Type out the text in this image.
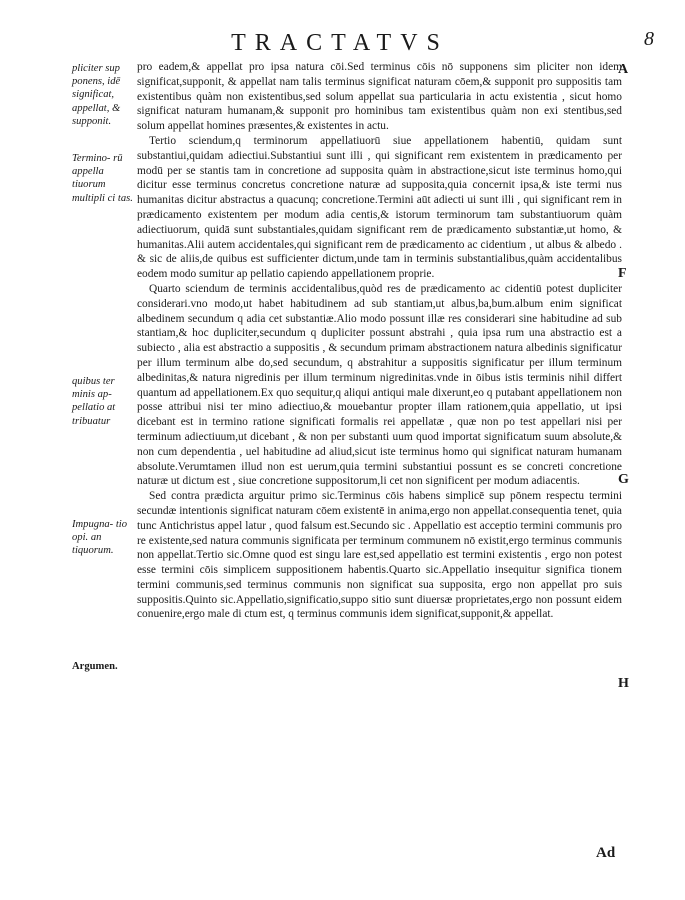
TRACTATVS	8
pliciter sup ponens, idē significat, appellat, & supponit.
Termino- rū appella tiuorum multipli ci tas.
quibus ter minis ap- pellatio at tribuatur
Impugna- tio opi. an tiquorum.
Argumen.
A
F
G
H

pro eadem,& appellat pro ipsa natura cōi.Sed terminus cōis nō supponens sim pliciter non idem significat,supponit, & appellat nam talis terminus significat naturam cōem,& supponit pro suppositis tam existentibus quàm non existentibus,sed solum appellat sua particularia in actu existentia , sicut homo significat naturam humanam,& supponit pro hominibus tam existentibus quàm non exi stentibus,sed solum appellat homines præsentes,& existentes in actu.

Tertio sciendum,q terminorum appellatiuorū siue appellationem habentiū, quidam sunt substantiui,quidam adiectiui.Substantiui sunt illi , qui significant rem existentem in prædicamento per modū per se stantis tam in concretione ad supposita quàm in abstractione,sicut iste terminus homo,qui dicitur esse terminus concretus concretione naturæ ad supposita,quia concernit ipsa,& iste termi nus humanitas dicitur abstractus a quacunq; concretione.Termini aūt adiecti ui sunt illi , qui significant rem in prædicamento existentem per modum adia centis,& istorum terminorum tam substantiuorum quàm adiectiuorum, quidā sunt substantiales,quidam significant rem de prædicamento substantiæ,ut homo, & humanitas.Alii autem accidentales,qui significant rem de prædicamento ac cidentium , ut albus & albedo . & sic de aliis,de quibus est sufficienter dictum,unde tam in terminis substantialibus,quàm accidentalibus eodem modo sumitur ap pellatio capiendo appellationem proprie.

Quarto sciendum de terminis accidentalibus,quòd res de prædicamento ac cidentiū potest dupliciter considerari.vno modo,ut habet habitudinem ad sub stantiam,ut albus,ba,bum.album enim significat albedinem secundum q adia cet substantiæ.Alio modo possunt illæ res considerari sine habitudine ad sub stantiam,& hoc dupliciter,secundum q dupliciter possunt abstrahi , quia ipsa rum una abstractio est a subiecto , alia est abstractio a suppositis , & secundum primam abstractionem natura albedinis significatur per illum terminum albe do,sed secundum, q abstrahitur a suppositis significatur per illum terminum albedinitas,& natura nigredinis per illum terminum nigredinitas.vnde in ōibus istis terminis nihil differt quantum ad appellationem.Ex quo sequitur,q aliqui antiqui male dixerunt,eo q putabant appellationem non posse attribui nisi ter mino adiectiuo,& mouebantur propter illam rationem,quia appellatio, ut ipsi dicebant est in termino ratione significati formalis rei appellatæ , quæ non po test appellari nisi per terminum adiectiuum,ut dicebant , & non per substanti uum quod importat significatum suum absolute,& non cum dependentia , uel habitudine ad aliud,sicut iste terminus homo qui significat naturam humanam absolute.Verumtamen illud non est uerum,quia termini substantiui possunt es se concreti concretione naturæ ut dictum est , siue concretione suppositorum,li cet non significent per modum adiacentis.

Sed contra prædicta arguitur primo sic.Terminus cōis habens simplicē sup pōnem respectu termini secundæ intentionis significat naturam cōem existentē in anima,ergo non appellat.consequentia tenet, quia tunc Antichristus appel latur , quod falsum est.Secundo sic . Appellatio est acceptio termini communis pro re existente,sed natura communis significata per terminum communem nō existit,ergo terminus communis non appellat.Tertio sic.Omne quod est singu lare est,sed appellatio est termini existentis , ergo non potest esse termini cōis simplicem suppositionem habentis.Quarto sic.Appellatio insequitur significa tionem termini communis,sed terminus communis non significat sua supposita, ergo non appellat pro suis suppositis.Quinto sic.Appellatio,significatio,suppo sitio sunt diuersæ proprietates,ergo non possunt eidem conuenire,ergo male di ctum est, q terminus communis idem significat,supponit,& appellat.

Ad
